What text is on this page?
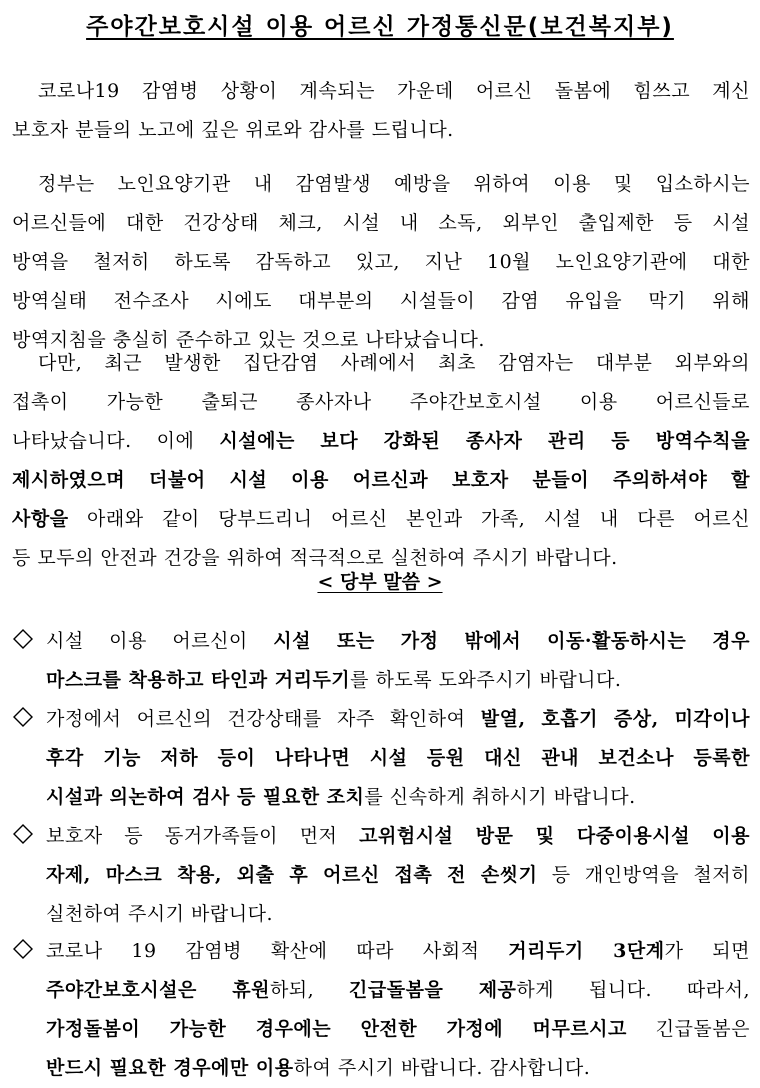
주야간보호시설 이용 어르신 가정통신문(보건복지부)
코로나19 감염병 상황이 계속되는 가운데 어르신 돌봄에 힘쓰고 계신
보호자 분들의 노고에 깊은 위로와 감사를 드립니다.
정부는 노인요양기관 내 감염발생 예방을 위하여 이용 및 입소하시는
어르신들에 대한 건강상태 체크, 시설 내 소독, 외부인 출입제한 등 시설
방역을 철저히 하도록 감독하고 있고, 지난 10월 노인요양기관에 대한
방역실태 전수조사 시에도 대부분의 시설들이 감염 유입을 막기 위해
방역지침을 충실히 준수하고 있는 것으로 나타났습니다.
다만, 최근 발생한 집단감염 사례에서 최초 감염자는 대부분 외부와의
접촉이 가능한 출퇴근 종사자나 주야간보호시설 이용 어르신들로
나타났습니다. 이에 시설에는 보다 강화된 종사자 관리 등 방역수칙을
제시하였으며 더불어 시설 이용 어르신과 보호자 분들이 주의하셔야 할
사항을 아래와 같이 당부드리니 어르신 본인과 가족, 시설 내 다른 어르신
등 모두의 안전과 건강을 위하여 적극적으로 실천하여 주시기 바랍니다.
< 당부 말씀 >
시설 이용 어르신이 시설 또는 가정 밖에서 이동·활동하시는 경우
마스크를 착용하고 타인과 거리두기를 하도록 도와주시기 바랍니다.
가정에서 어르신의 건강상태를 자주 확인하여 발열, 호흡기 증상, 미각이나
후각 기능 저하 등이 나타나면 시설 등원 대신 관내 보건소나 등록한
시설과 의논하여 검사 등 필요한 조치를 신속하게 취하시기 바랍니다.
보호자 등 동거가족들이 먼저 고위험시설 방문 및 다중이용시설 이용
자제, 마스크 착용, 외출 후 어르신 접촉 전 손씻기 등 개인방역을 철저히
실천하여 주시기 바랍니다.
코로나 19 감염병 확산에 따라 사회적 거리두기 3단계가 되면
주야간보호시설은 휴원하되, 긴급돌봄을 제공하게 됩니다. 따라서,
가정돌봄이 가능한 경우에는 안전한 가정에 머무르시고 긴급돌봄은
반드시 필요한 경우에만 이용하여 주시기 바랍니다. 감사합니다.
